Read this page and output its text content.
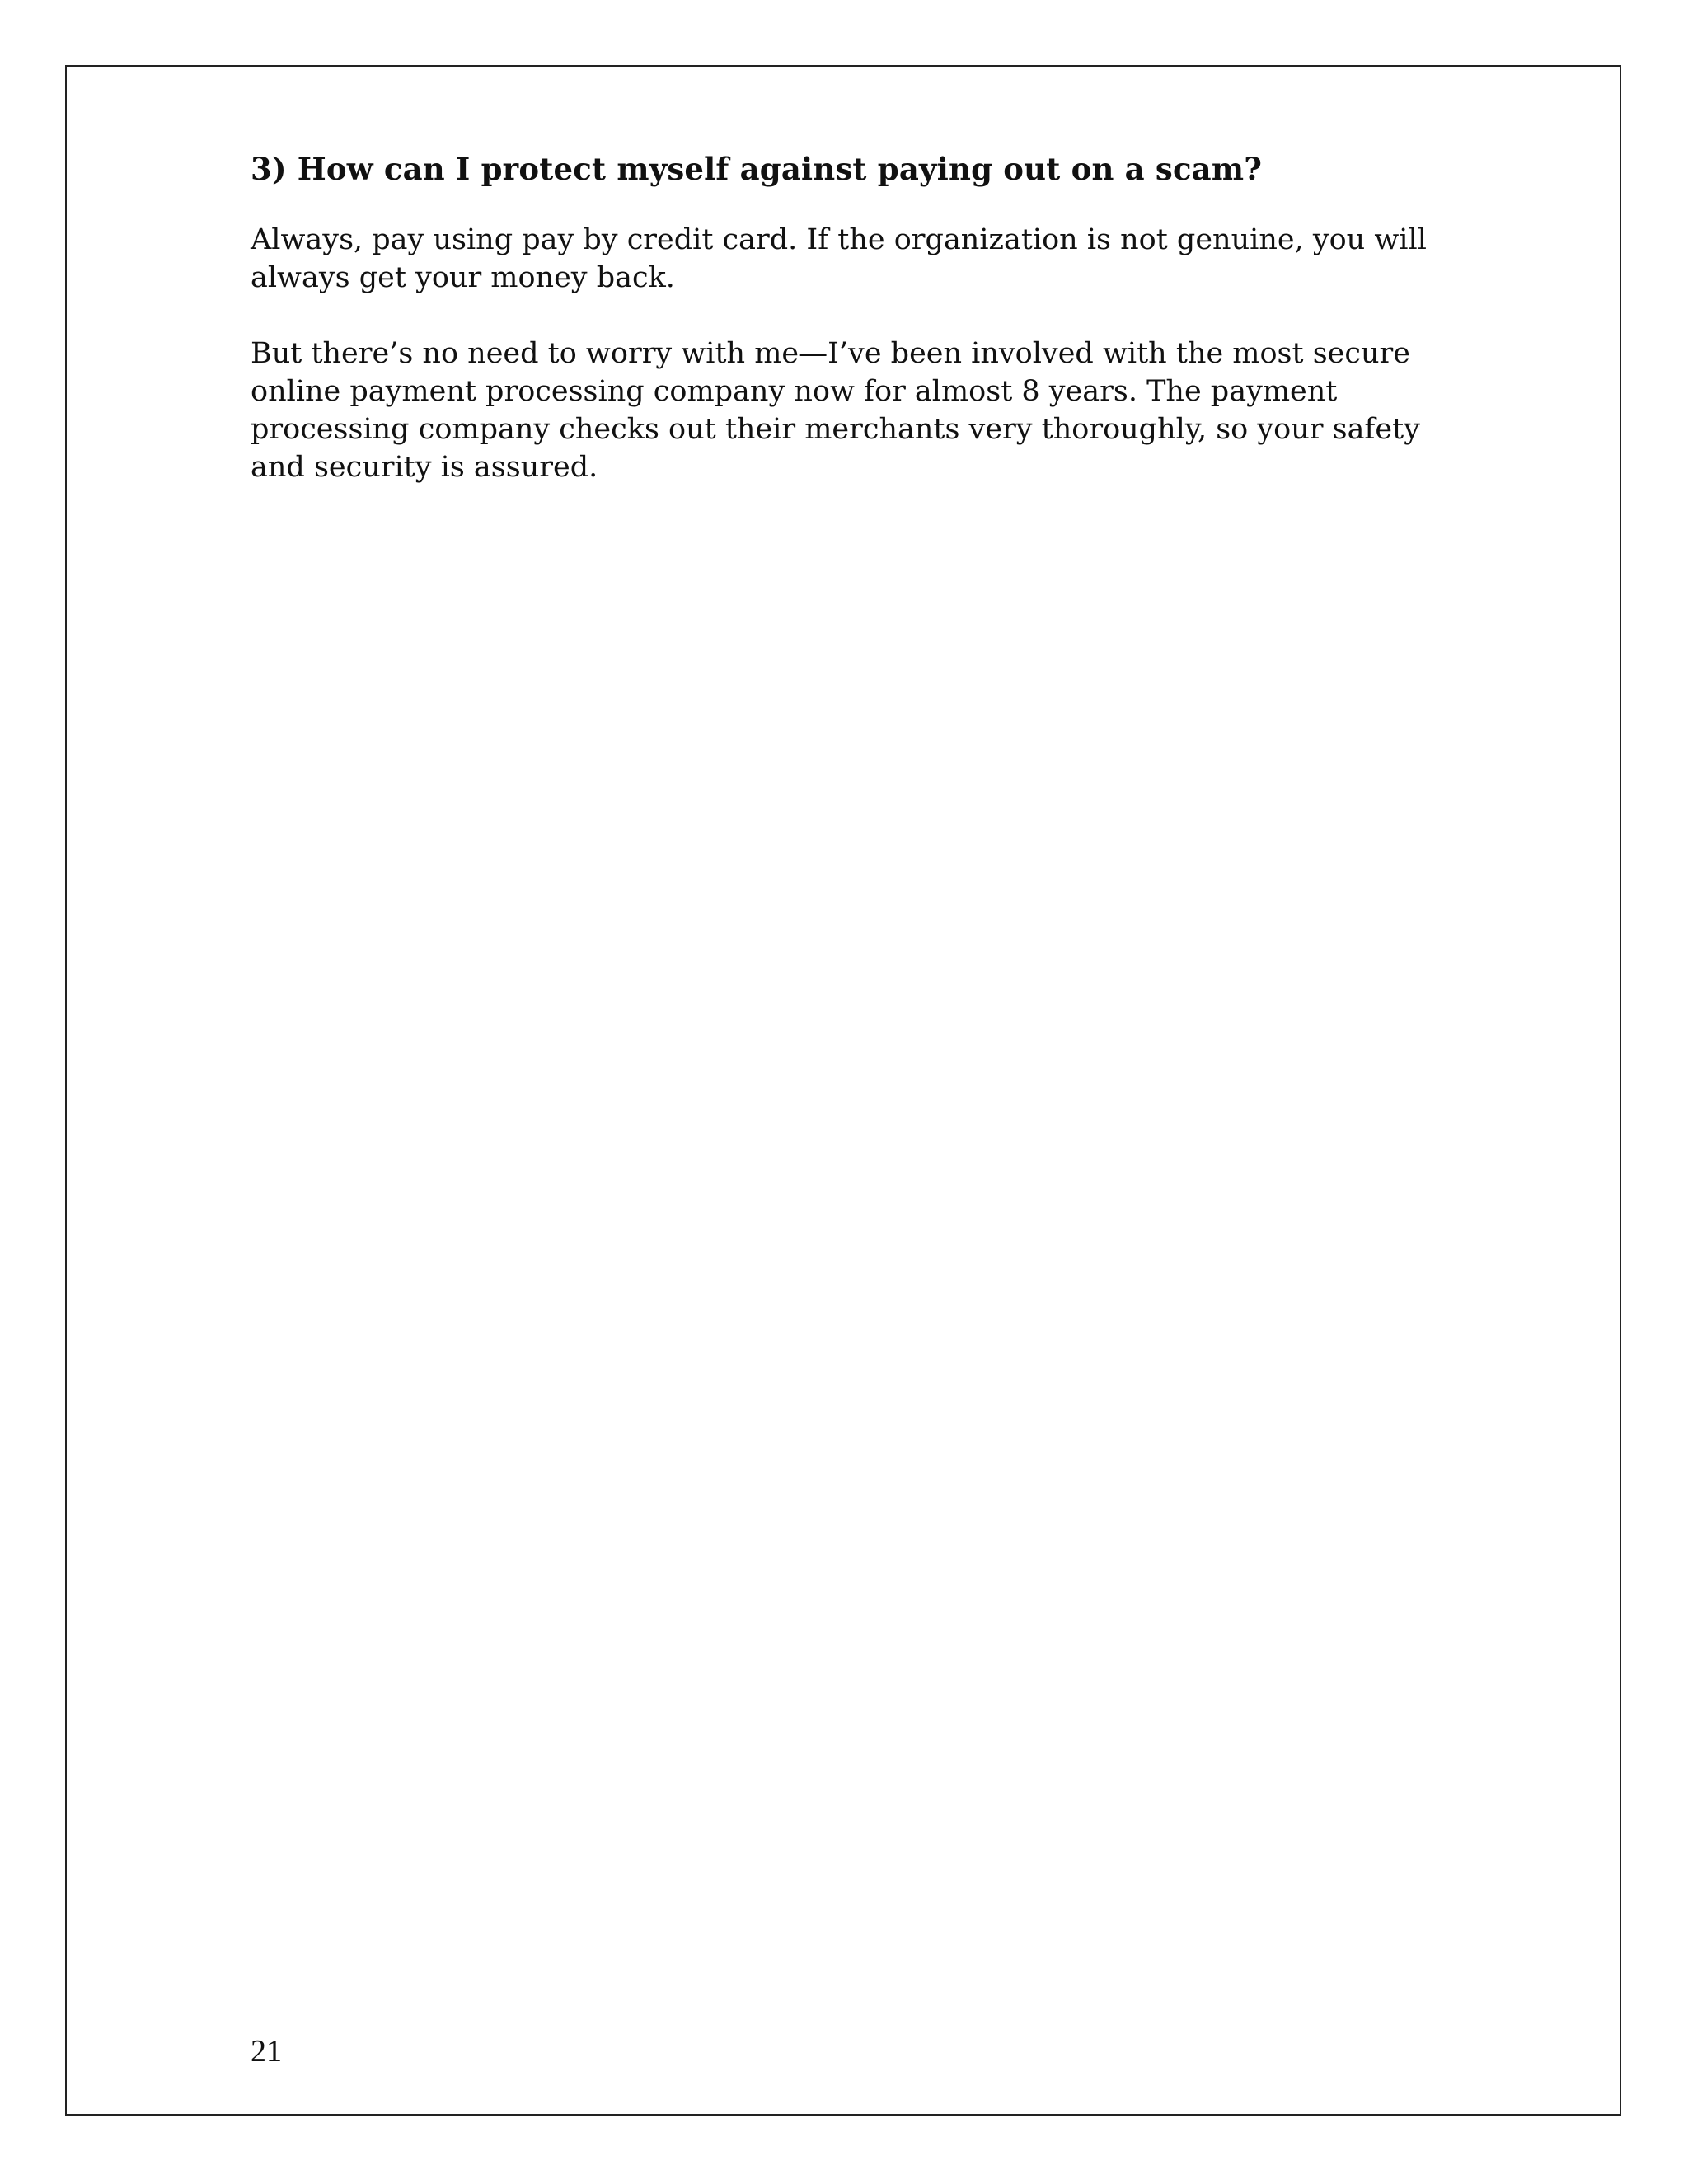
3) How can I protect myself against paying out on a scam?

Always, pay using pay by credit card. If the organization is not genuine, you will
always get your money back.

But there’s no need to worry with me—I’ve been involved with the most secure
online payment processing company now for almost 8 years. The payment
processing company checks out their merchants very thoroughly, so your safety
and security is assured.

21
